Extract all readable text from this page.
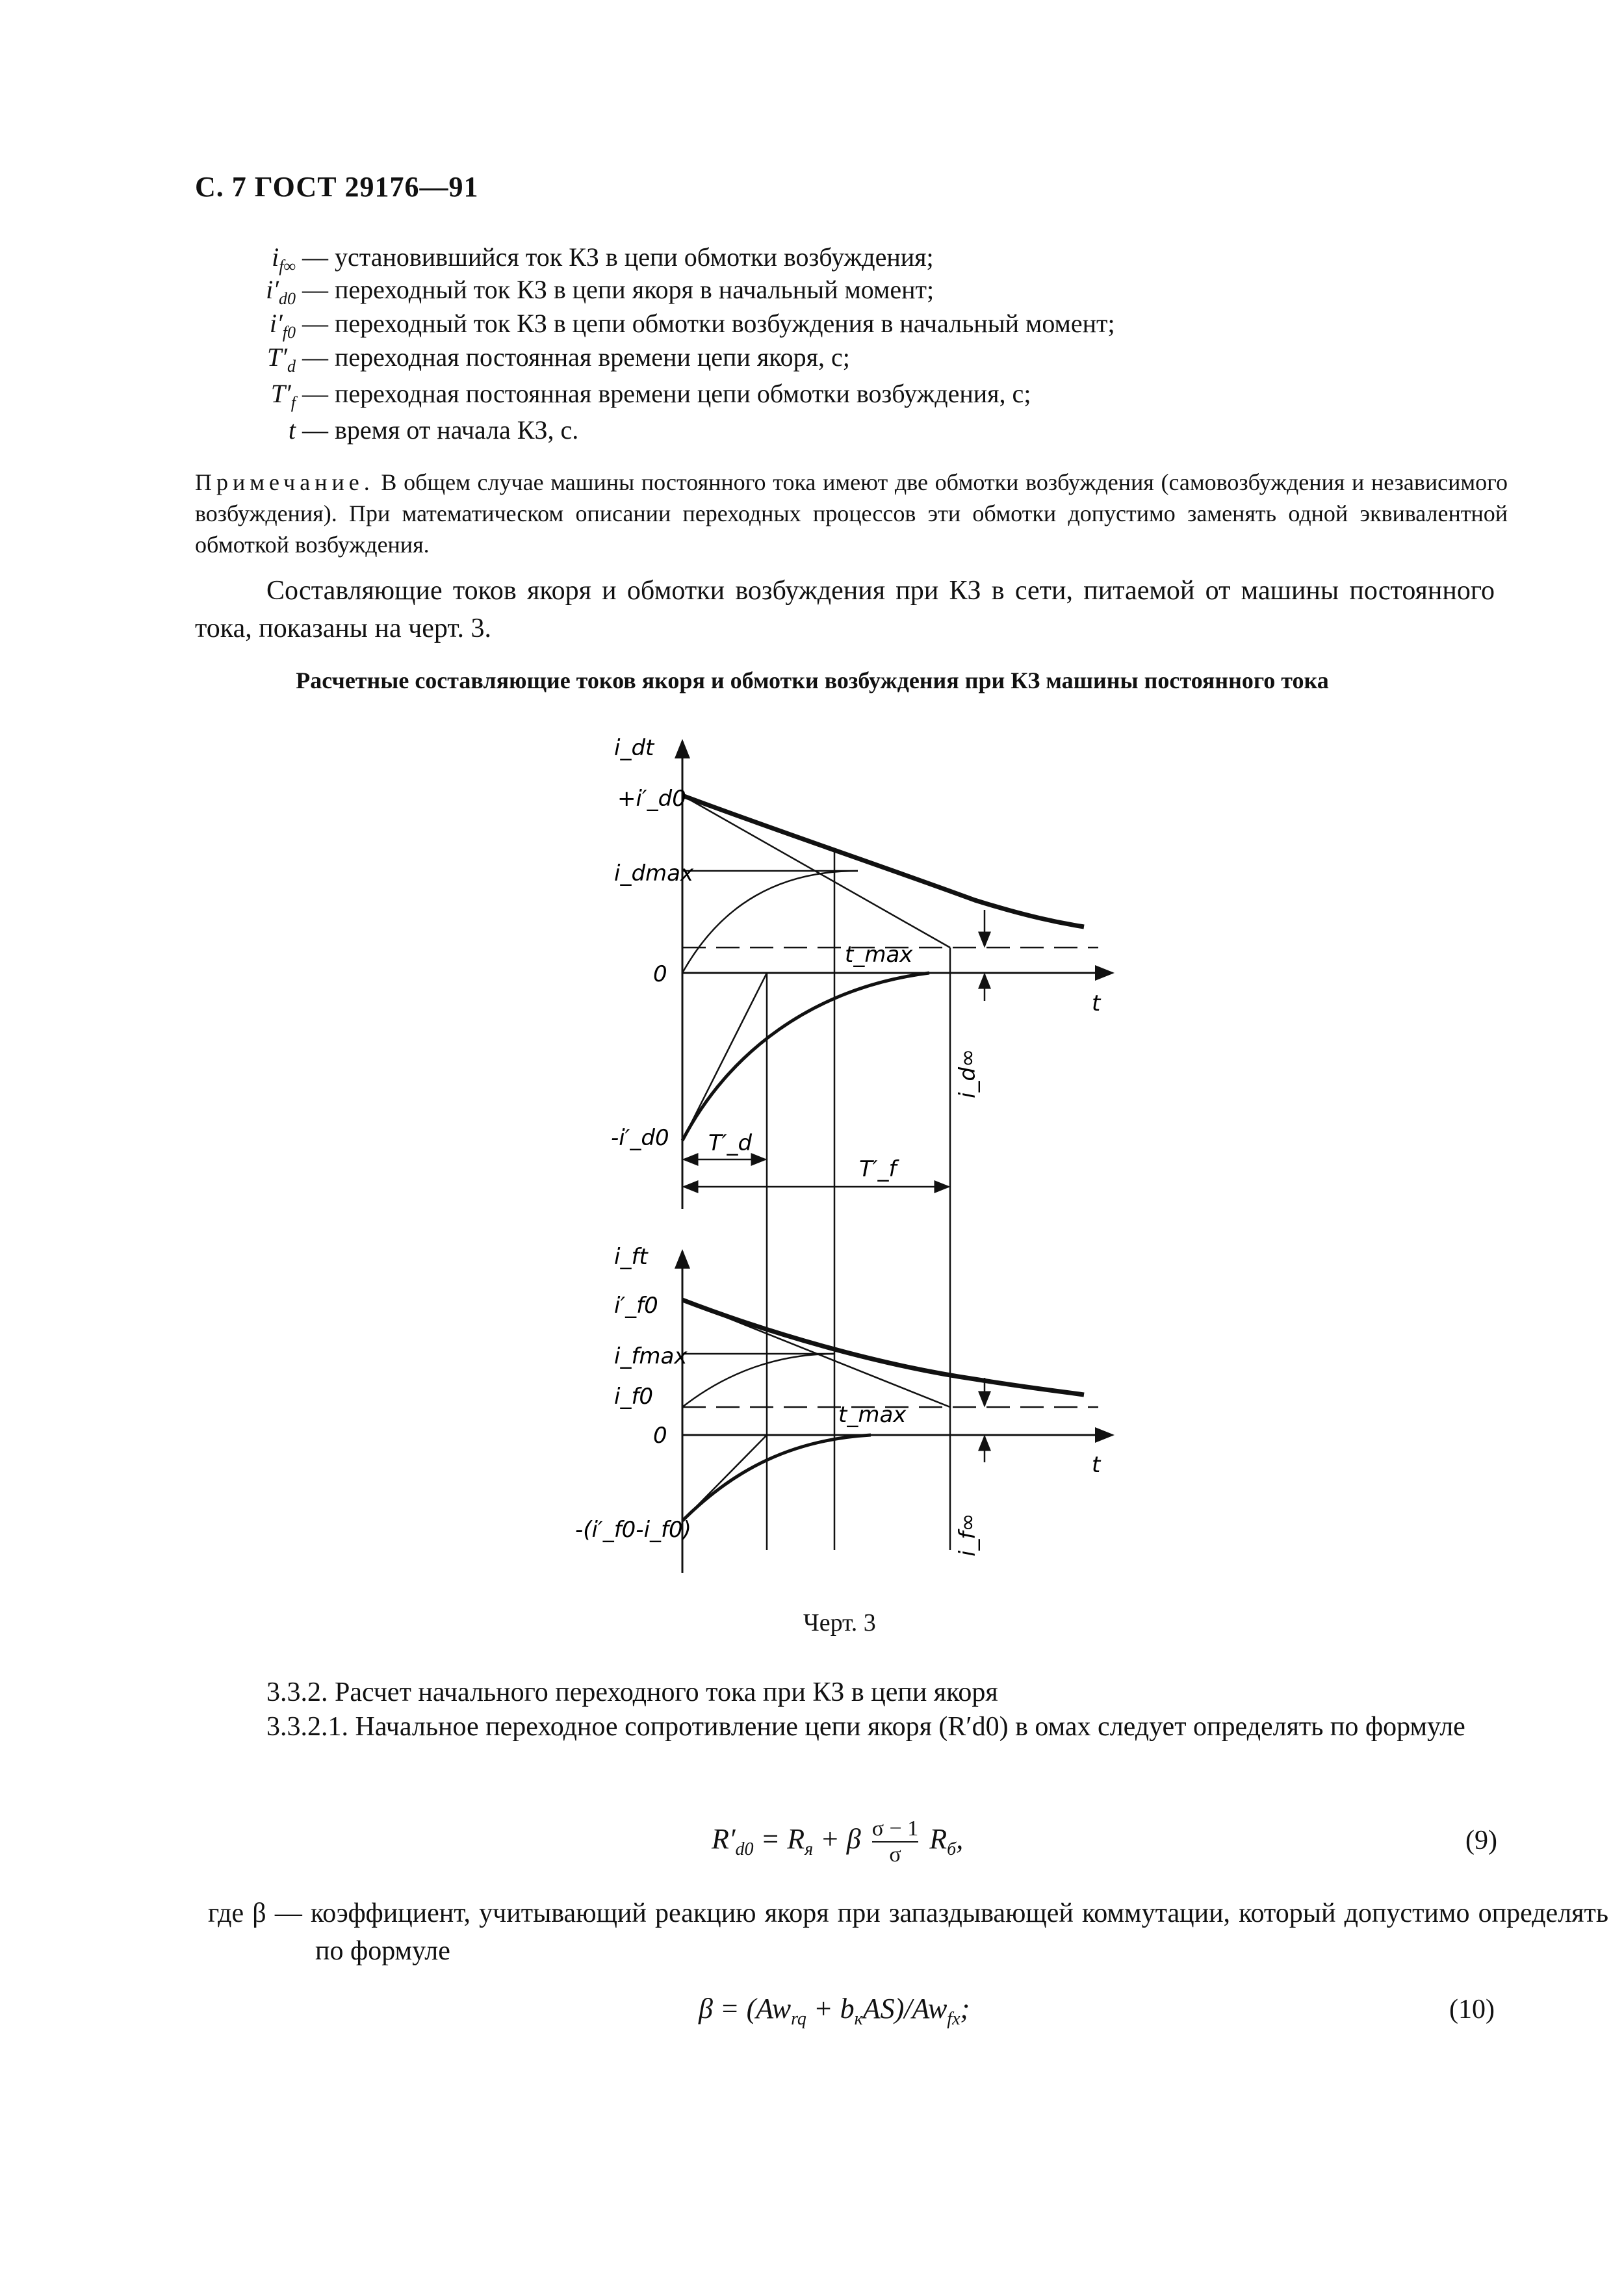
С. 7 ГОСТ 29176—91
$i_{f\infty}$ — установившийся ток КЗ в цепи обмотки возбуждения;
$i'_{d0}$ — переходный ток КЗ в цепи якоря в начальный момент;
$i'_{f0}$ — переходный ток КЗ в цепи обмотки возбуждения в начальный момент;
$T'_d$ — переходная постоянная времени цепи якоря, с;
$T'_f$ — переходная постоянная времени цепи обмотки возбуждения, с;
t — время от начала КЗ, с.
Примечание. В общем случае машины постоянного тока имеют две обмотки возбуждения (самовозбуждения и независимого возбуждения). При математическом описании переходных процессов эти обмотки допустимо заменять одной эквивалентной обмоткой возбуждения.
Составляющие токов якоря и обмотки возбуждения при КЗ в сети, питаемой от машины постоянного тока, показаны на черт. 3.
Расчетные составляющие токов якоря и обмотки возбуждения при КЗ машины постоянного тока
i_dt
+i′_d0
i_dmax
0
t_max
t
i_d∞
-i′_d0 T′_d
T′_f
i_ft
i′_f0
i_fmax
i_f0
0
t_max
t
i_f∞
-(i′_f0-i_f0)
Черт. 3
3.3.2. Расчет начального переходного тока при КЗ в цепи якоря
3.3.2.1. Начальное переходное сопротивление цепи якоря (R′d0) в омах следует определять по формуле
$R'_{d0} = R_я + \beta \frac{\sigma - 1}{\sigma} R_б$,	(9)
где β — коэффициент, учитывающий реакцию якоря при запаздывающей коммутации, который допустимо определять по формуле
$\beta = (Aw_{rq} + b_кAS)/Aw_{fx}$;	(10)
